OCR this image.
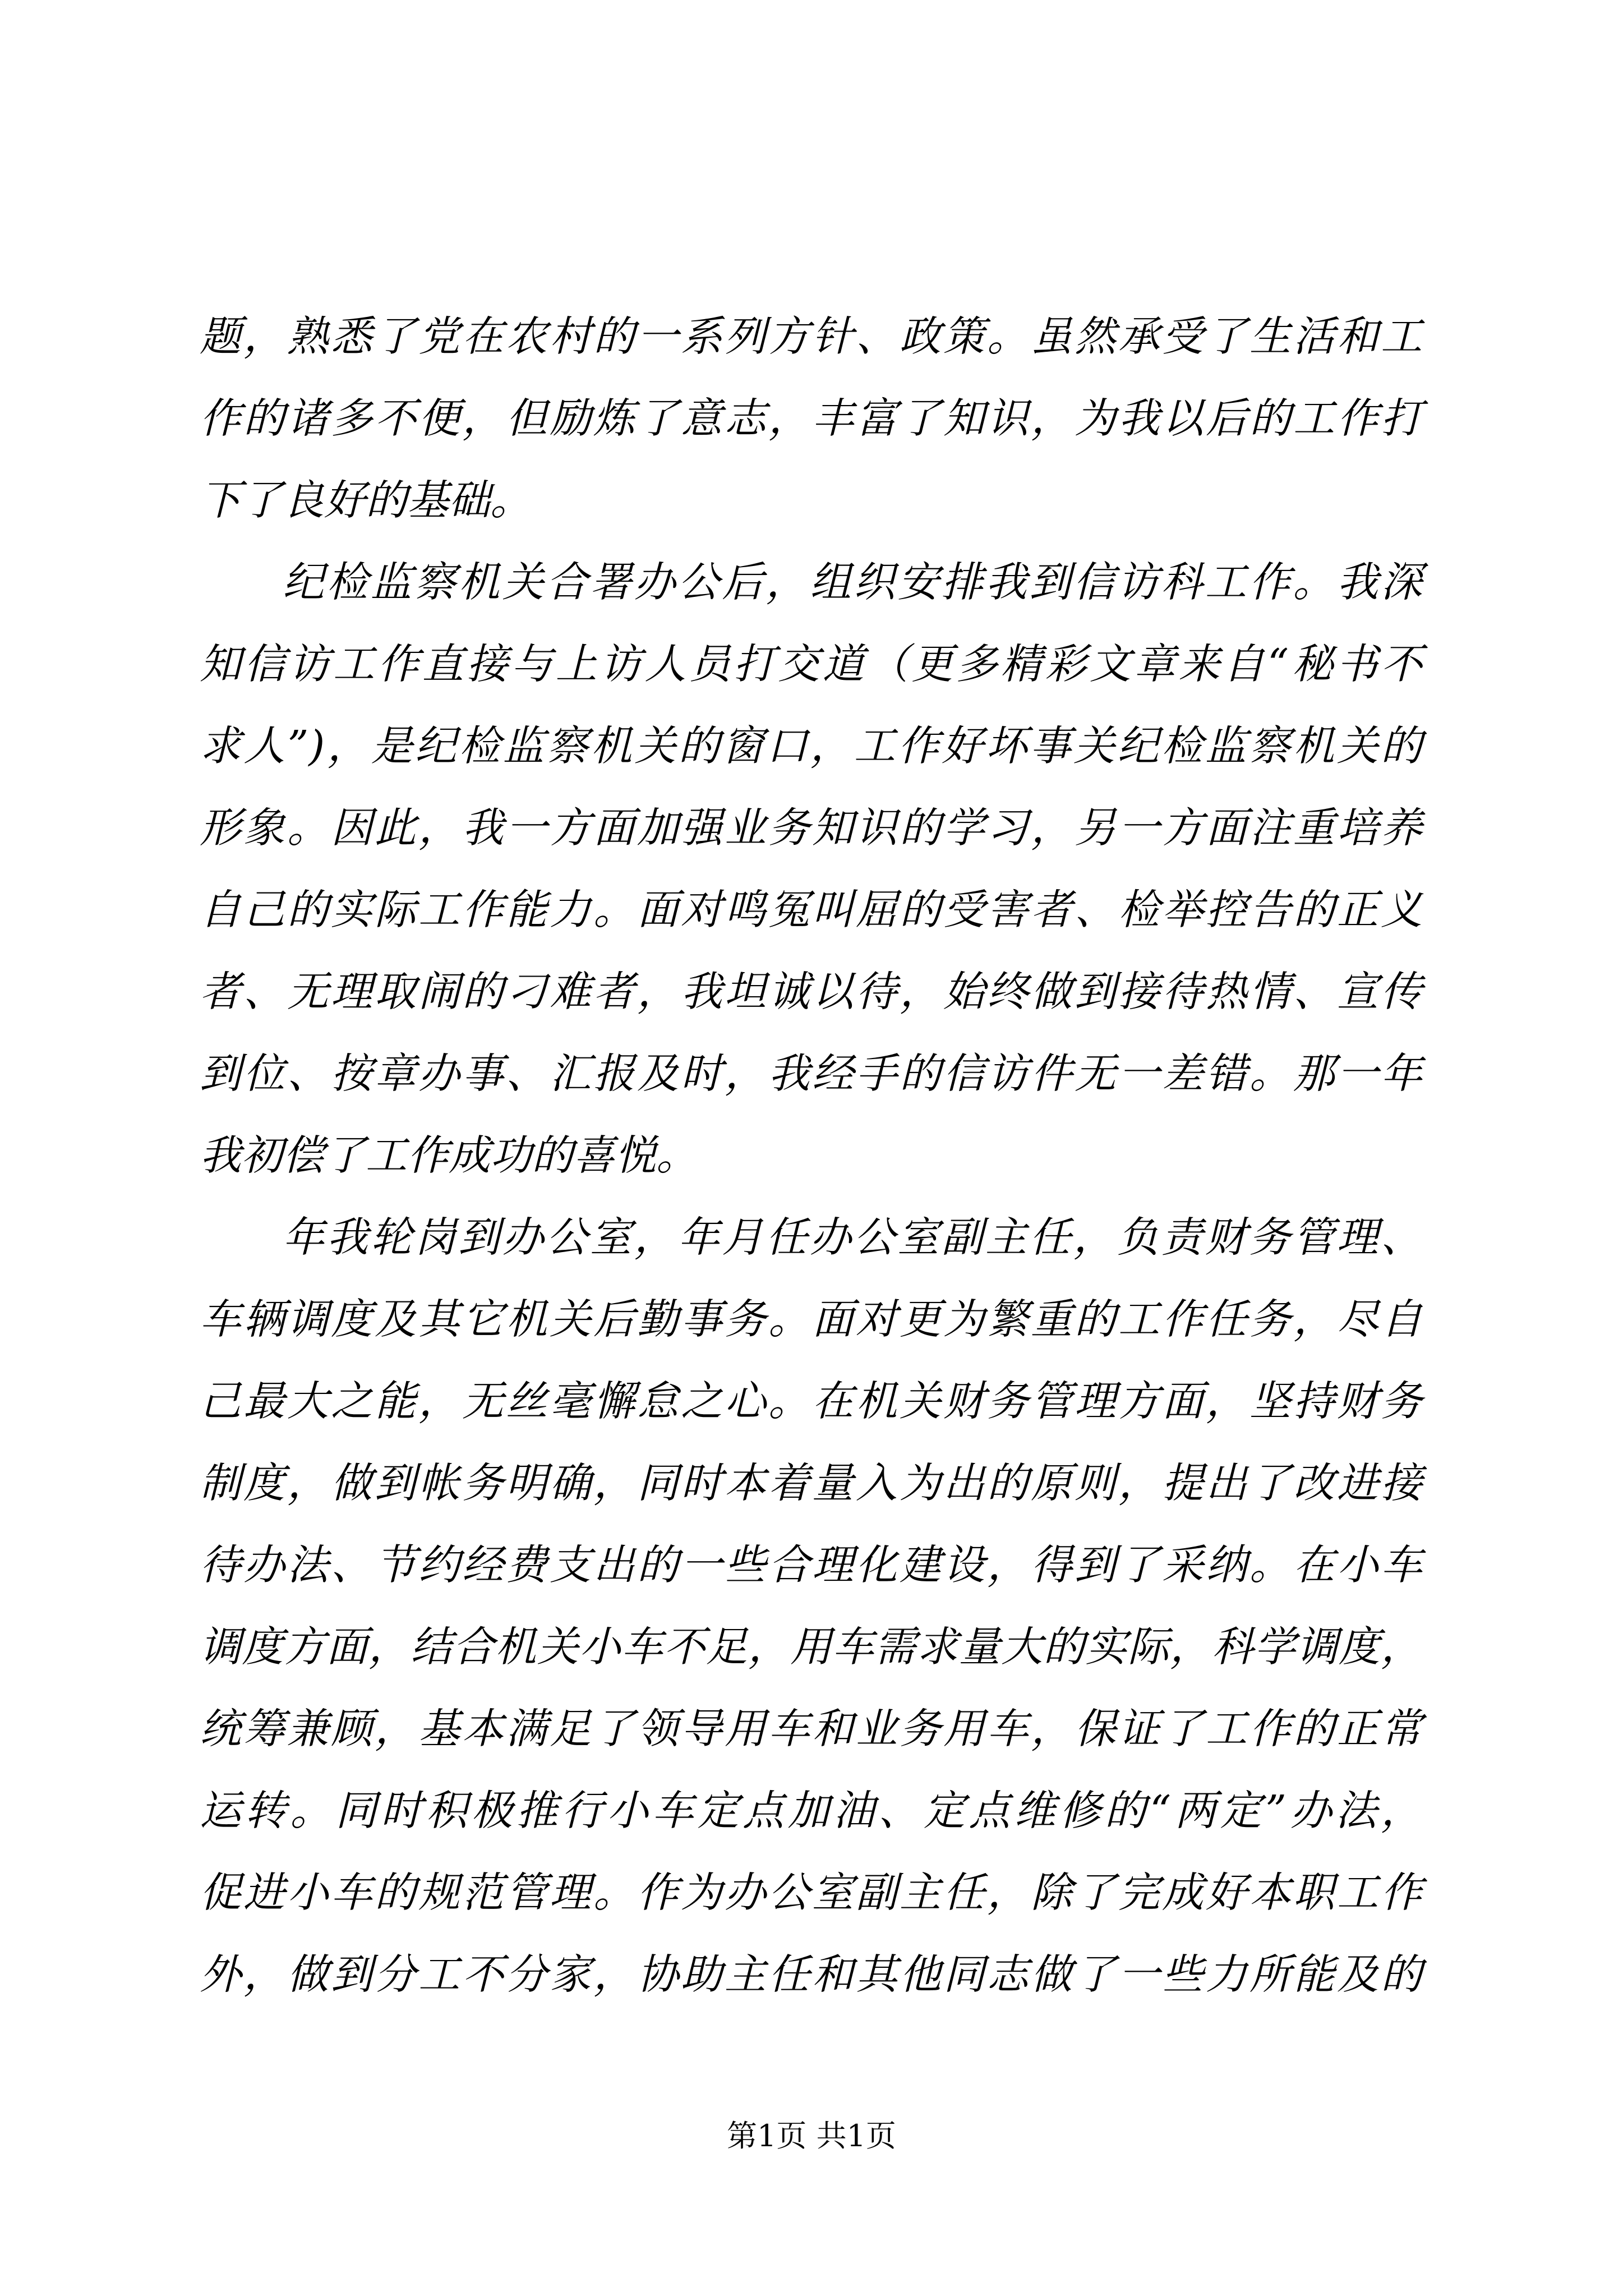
题，熟悉了党在农村的一系列方针、政策。虽然承受了生活和工
作的诸多不便，但励炼了意志，丰富了知识，为我以后的工作打
下了良好的基础。
纪检监察机关合署办公后，组织安排我到信访科工作。我深
知信访工作直接与上访人员打交道（更多精彩文章来自“秘书不
求人”)，是纪检监察机关的窗口，工作好坏事关纪检监察机关的
形象。因此，我一方面加强业务知识的学习，另一方面注重培养
自己的实际工作能力。面对鸣冤叫屈的受害者、检举控告的正义
者、无理取闹的刁难者，我坦诚以待，始终做到接待热情、宣传
到位、按章办事、汇报及时，我经手的信访件无一差错。那一年
我初偿了工作成功的喜悦。
年我轮岗到办公室，年月任办公室副主任，负责财务管理、
车辆调度及其它机关后勤事务。面对更为繁重的工作任务，尽自
己最大之能，无丝毫懈怠之心。在机关财务管理方面，坚持财务
制度，做到帐务明确，同时本着量入为出的原则，提出了改进接
待办法、节约经费支出的一些合理化建设，得到了采纳。在小车
调度方面，结合机关小车不足，用车需求量大的实际，科学调度，
统筹兼顾，基本满足了领导用车和业务用车，保证了工作的正常
运转。同时积极推行小车定点加油、定点维修的“两定”办法，
促进小车的规范管理。作为办公室副主任，除了完成好本职工作
外，做到分工不分家，协助主任和其他同志做了一些力所能及的
第1页 共1页
